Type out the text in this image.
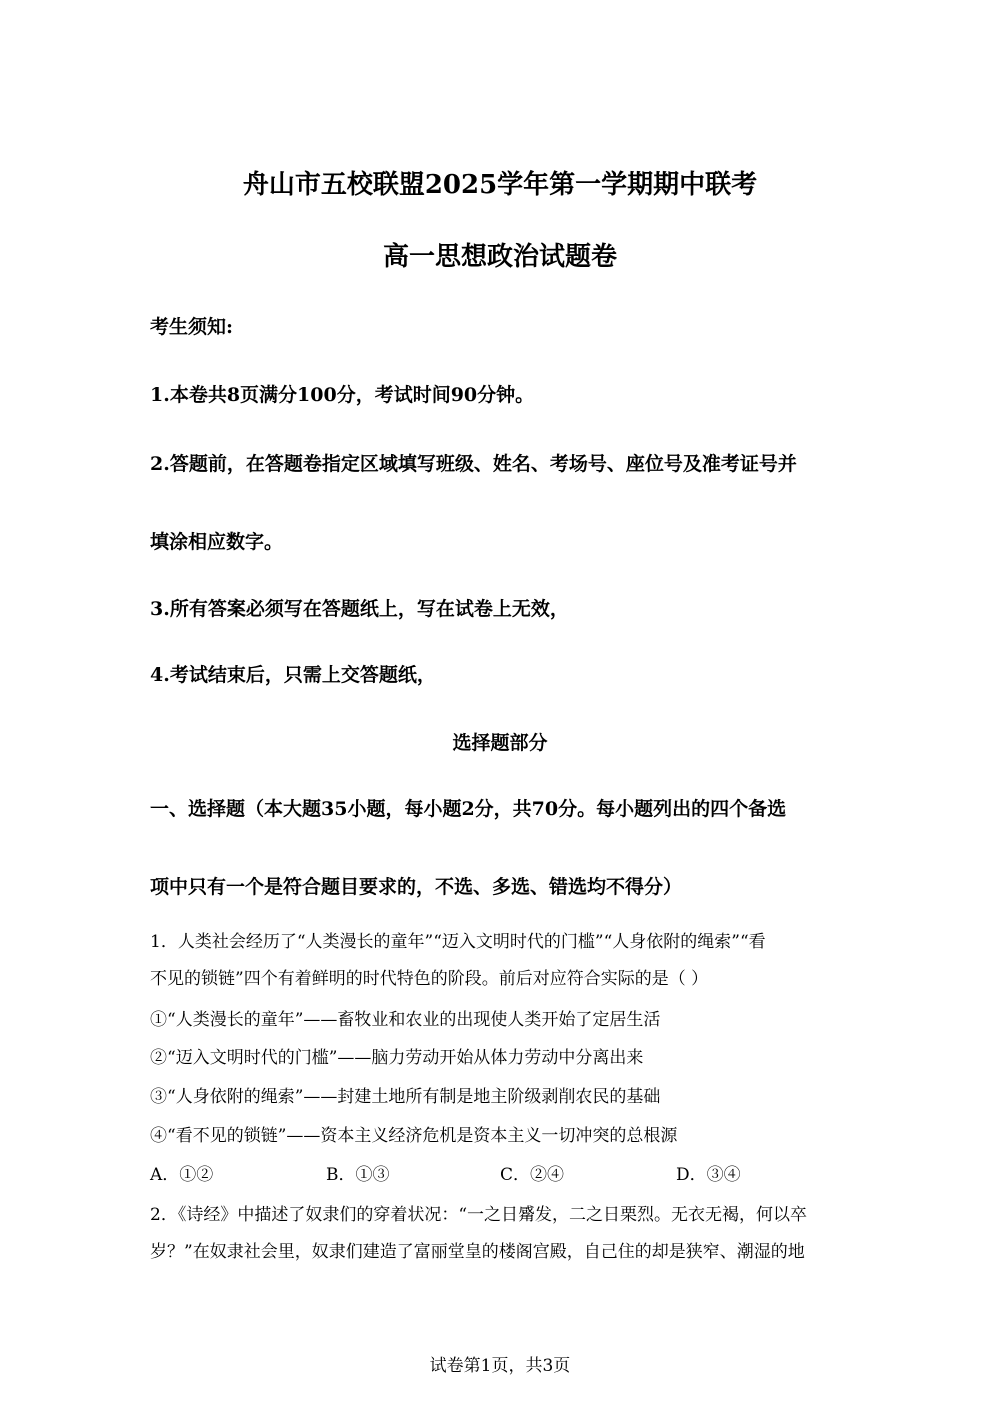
舟山市五校联盟2025学年第一学期期中联考
高一思想政治试题卷
考生须知:
1.本卷共8页满分100分，考试时间90分钟。
2.答题前，在答题卷指定区域填写班级、姓名、考场号、座位号及准考证号并
填涂相应数字。
3.所有答案必须写在答题纸上，写在试卷上无效，
4.考试结束后，只需上交答题纸，
选择题部分
一、选择题（本大题35小题，每小题2分，共70分。每小题列出的四个备选
项中只有一个是符合题目要求的，不选、多选、错选均不得分）
1．人类社会经历了“人类漫长的童年”“迈入文明时代的门槛”“人身依附的绳索”“看
不见的锁链”四个有着鲜明的时代特色的阶段。前后对应符合实际的是（ ）
①“人类漫长的童年”——畜牧业和农业的出现使人类开始了定居生活
②“迈入文明时代的门槛”——脑力劳动开始从体力劳动中分离出来
③“人身依附的绳索”——封建土地所有制是地主阶级剥削农民的基础
④“看不见的锁链”——资本主义经济危机是资本主义一切冲突的总根源
A．①②	B．①③	C．②④	D．③④
2．《诗经》中描述了奴隶们的穿着状况：“一之日觱发，二之日栗烈。无衣无褐，何以卒
岁？”在奴隶社会里，奴隶们建造了富丽堂皇的楼阁宫殿，自己住的却是狭窄、潮湿的地
试卷第1页，共3页
